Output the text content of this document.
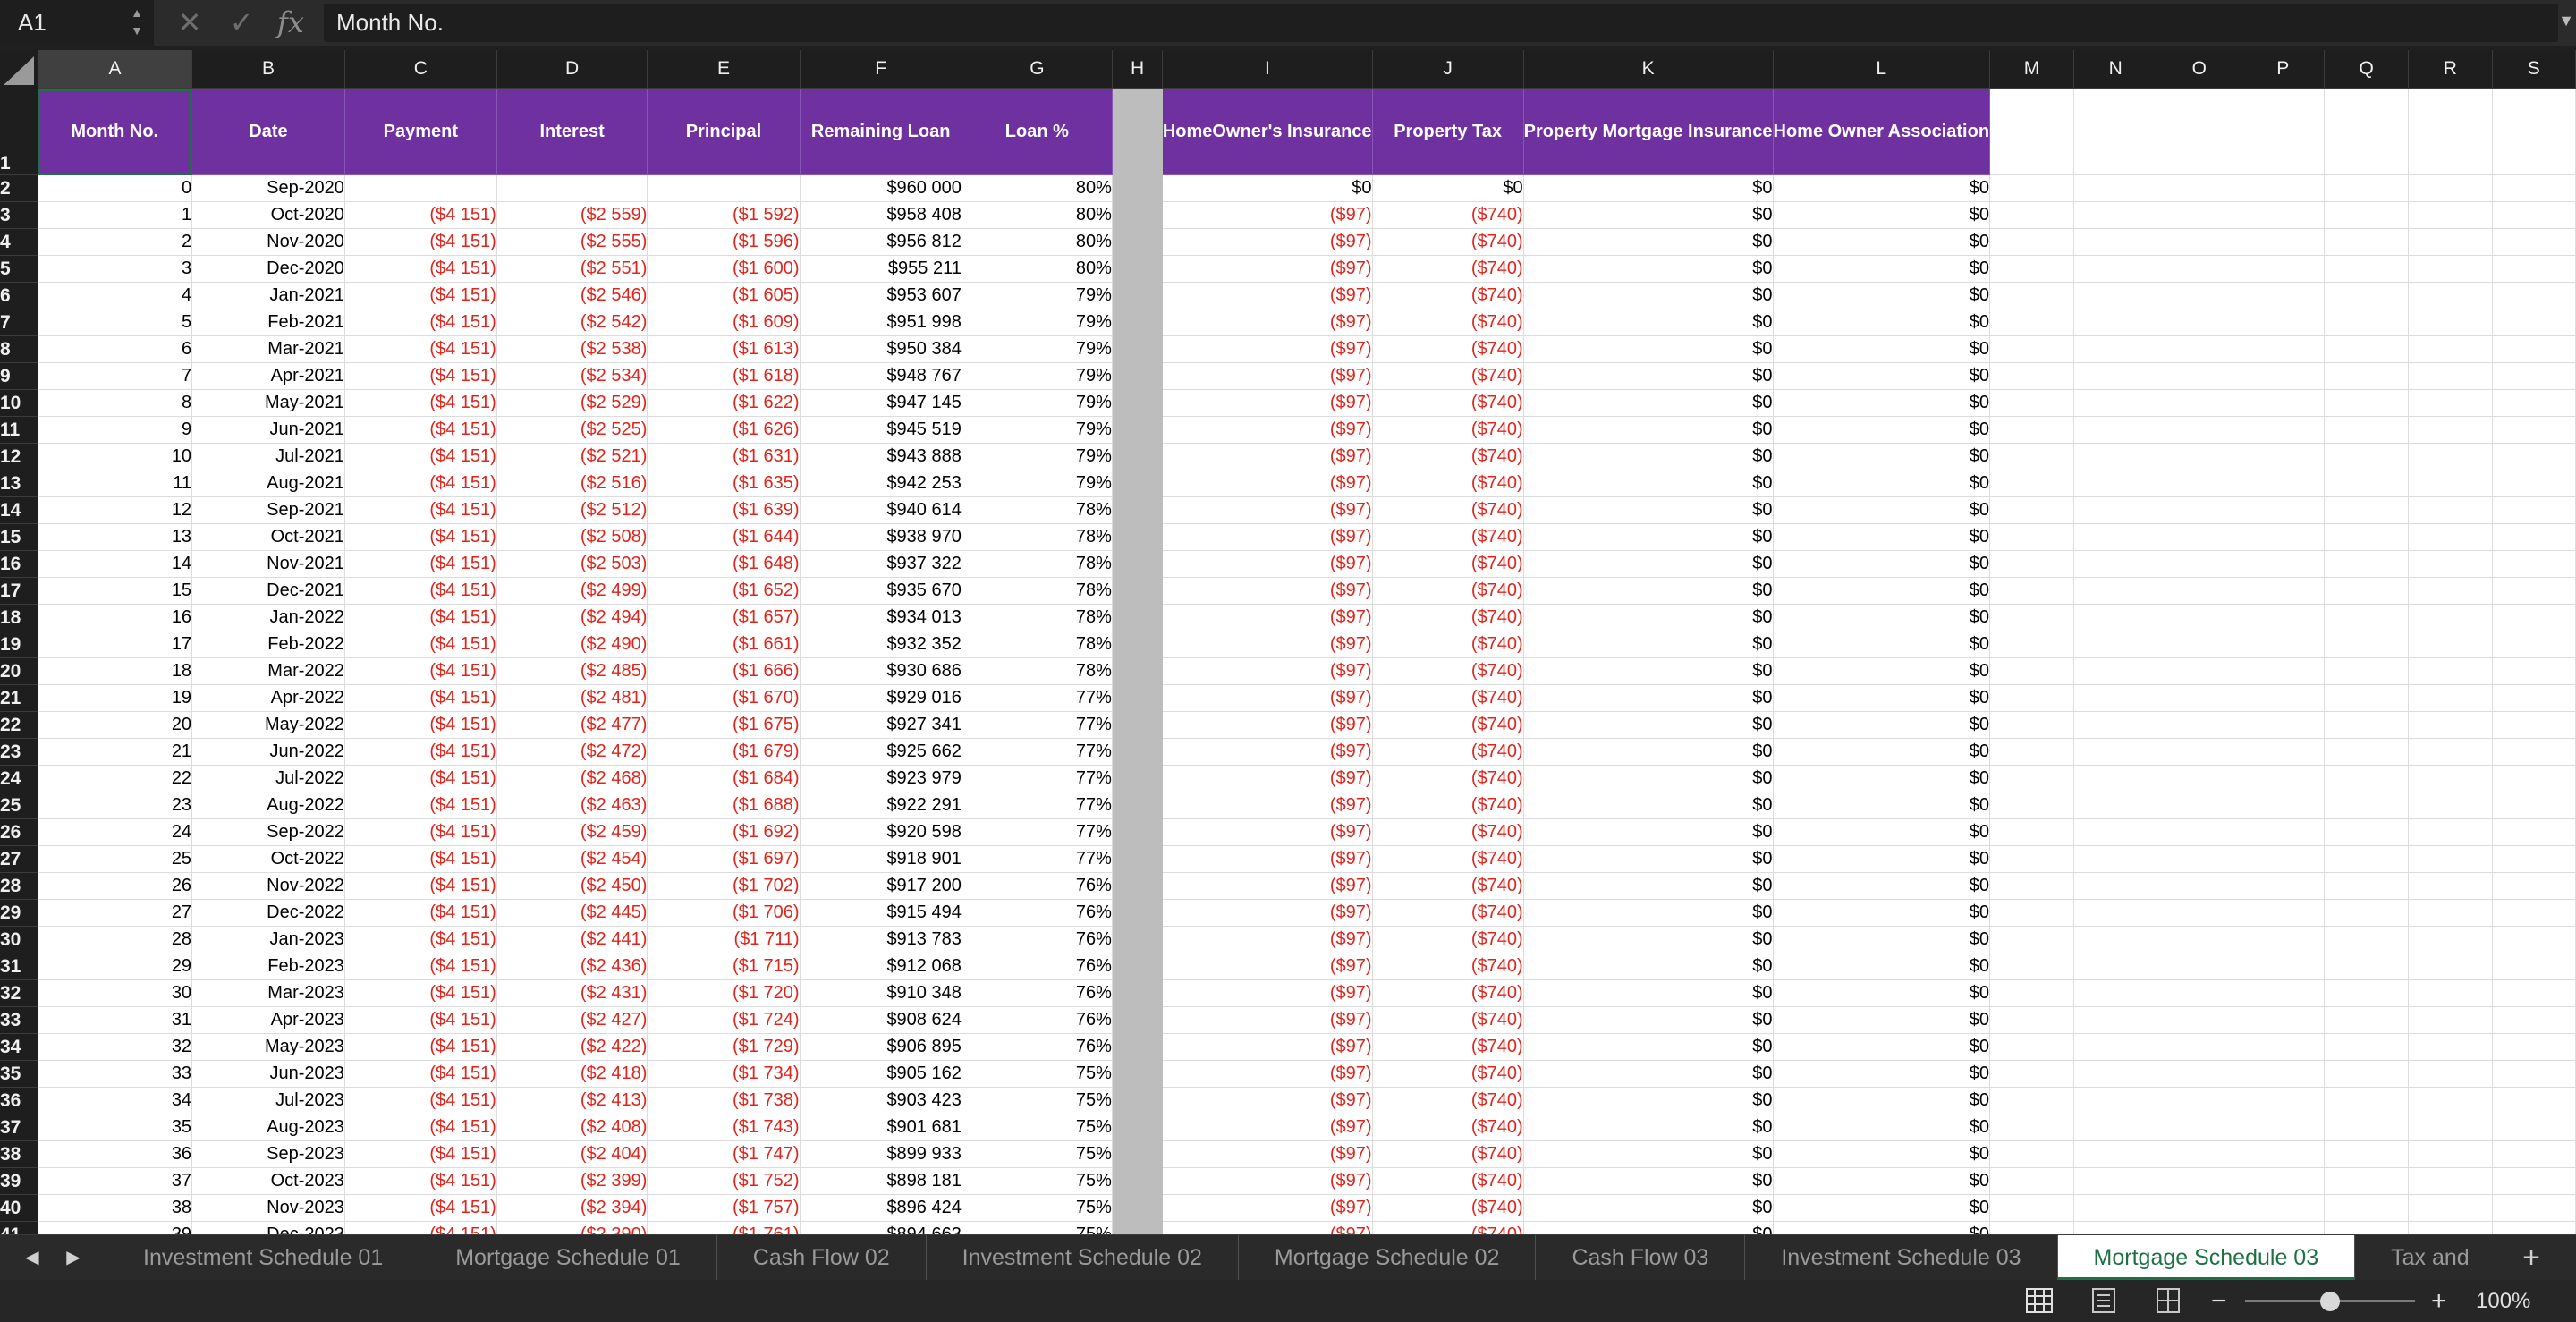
A1	▲
▼ ✕ ✓ fx	Month No.	▼
	A	B	C	D	E	F	G	H	I	J	K	L	M	N	O	P	Q	R	S
1	Month No.	Date	Payment	Interest	Principal	Remaining Loan	Loan %		HomeOwner's Insurance	Property Tax	Property Mortgage Insurance	Home Owner Association							
2	0	Sep-2020				$960 000	80%		$0	$0	$0	$0							
3	1	Oct-2020	($4 151)	($2 559)	($1 592)	$958 408	80%		($97)	($740)	$0	$0							
4	2	Nov-2020	($4 151)	($2 555)	($1 596)	$956 812	80%		($97)	($740)	$0	$0							
5	3	Dec-2020	($4 151)	($2 551)	($1 600)	$955 211	80%		($97)	($740)	$0	$0							
6	4	Jan-2021	($4 151)	($2 546)	($1 605)	$953 607	79%		($97)	($740)	$0	$0							
7	5	Feb-2021	($4 151)	($2 542)	($1 609)	$951 998	79%		($97)	($740)	$0	$0							
8	6	Mar-2021	($4 151)	($2 538)	($1 613)	$950 384	79%		($97)	($740)	$0	$0							
9	7	Apr-2021	($4 151)	($2 534)	($1 618)	$948 767	79%		($97)	($740)	$0	$0							
10	8	May-2021	($4 151)	($2 529)	($1 622)	$947 145	79%		($97)	($740)	$0	$0							
11	9	Jun-2021	($4 151)	($2 525)	($1 626)	$945 519	79%		($97)	($740)	$0	$0							
12	10	Jul-2021	($4 151)	($2 521)	($1 631)	$943 888	79%		($97)	($740)	$0	$0							
13	11	Aug-2021	($4 151)	($2 516)	($1 635)	$942 253	79%		($97)	($740)	$0	$0							
14	12	Sep-2021	($4 151)	($2 512)	($1 639)	$940 614	78%		($97)	($740)	$0	$0							
15	13	Oct-2021	($4 151)	($2 508)	($1 644)	$938 970	78%		($97)	($740)	$0	$0							
16	14	Nov-2021	($4 151)	($2 503)	($1 648)	$937 322	78%		($97)	($740)	$0	$0							
17	15	Dec-2021	($4 151)	($2 499)	($1 652)	$935 670	78%		($97)	($740)	$0	$0							
18	16	Jan-2022	($4 151)	($2 494)	($1 657)	$934 013	78%		($97)	($740)	$0	$0							
19	17	Feb-2022	($4 151)	($2 490)	($1 661)	$932 352	78%		($97)	($740)	$0	$0							
20	18	Mar-2022	($4 151)	($2 485)	($1 666)	$930 686	78%		($97)	($740)	$0	$0							
21	19	Apr-2022	($4 151)	($2 481)	($1 670)	$929 016	77%		($97)	($740)	$0	$0							
22	20	May-2022	($4 151)	($2 477)	($1 675)	$927 341	77%		($97)	($740)	$0	$0							
23	21	Jun-2022	($4 151)	($2 472)	($1 679)	$925 662	77%		($97)	($740)	$0	$0							
24	22	Jul-2022	($4 151)	($2 468)	($1 684)	$923 979	77%		($97)	($740)	$0	$0							
25	23	Aug-2022	($4 151)	($2 463)	($1 688)	$922 291	77%		($97)	($740)	$0	$0							
26	24	Sep-2022	($4 151)	($2 459)	($1 692)	$920 598	77%		($97)	($740)	$0	$0							
27	25	Oct-2022	($4 151)	($2 454)	($1 697)	$918 901	77%		($97)	($740)	$0	$0							
28	26	Nov-2022	($4 151)	($2 450)	($1 702)	$917 200	76%		($97)	($740)	$0	$0							
29	27	Dec-2022	($4 151)	($2 445)	($1 706)	$915 494	76%		($97)	($740)	$0	$0							
30	28	Jan-2023	($4 151)	($2 441)	($1 711)	$913 783	76%		($97)	($740)	$0	$0							
31	29	Feb-2023	($4 151)	($2 436)	($1 715)	$912 068	76%		($97)	($740)	$0	$0							
32	30	Mar-2023	($4 151)	($2 431)	($1 720)	$910 348	76%		($97)	($740)	$0	$0							
33	31	Apr-2023	($4 151)	($2 427)	($1 724)	$908 624	76%		($97)	($740)	$0	$0							
34	32	May-2023	($4 151)	($2 422)	($1 729)	$906 895	76%		($97)	($740)	$0	$0							
35	33	Jun-2023	($4 151)	($2 418)	($1 734)	$905 162	75%		($97)	($740)	$0	$0							
36	34	Jul-2023	($4 151)	($2 413)	($1 738)	$903 423	75%		($97)	($740)	$0	$0							
37	35	Aug-2023	($4 151)	($2 408)	($1 743)	$901 681	75%		($97)	($740)	$0	$0							
38	36	Sep-2023	($4 151)	($2 404)	($1 747)	$899 933	75%		($97)	($740)	$0	$0							
39	37	Oct-2023	($4 151)	($2 399)	($1 752)	$898 181	75%		($97)	($740)	$0	$0							
40	38	Nov-2023	($4 151)	($2 394)	($1 757)	$896 424	75%		($97)	($740)	$0	$0							

◀	▶	Investment Schedule 01	Mortgage Schedule 01	Cash Flow 02	Investment Schedule 02	Mortgage Schedule 02	Cash Flow 03	Investment Schedule 03	Mortgage Schedule 03	Tax and	+
−	+ 100%
